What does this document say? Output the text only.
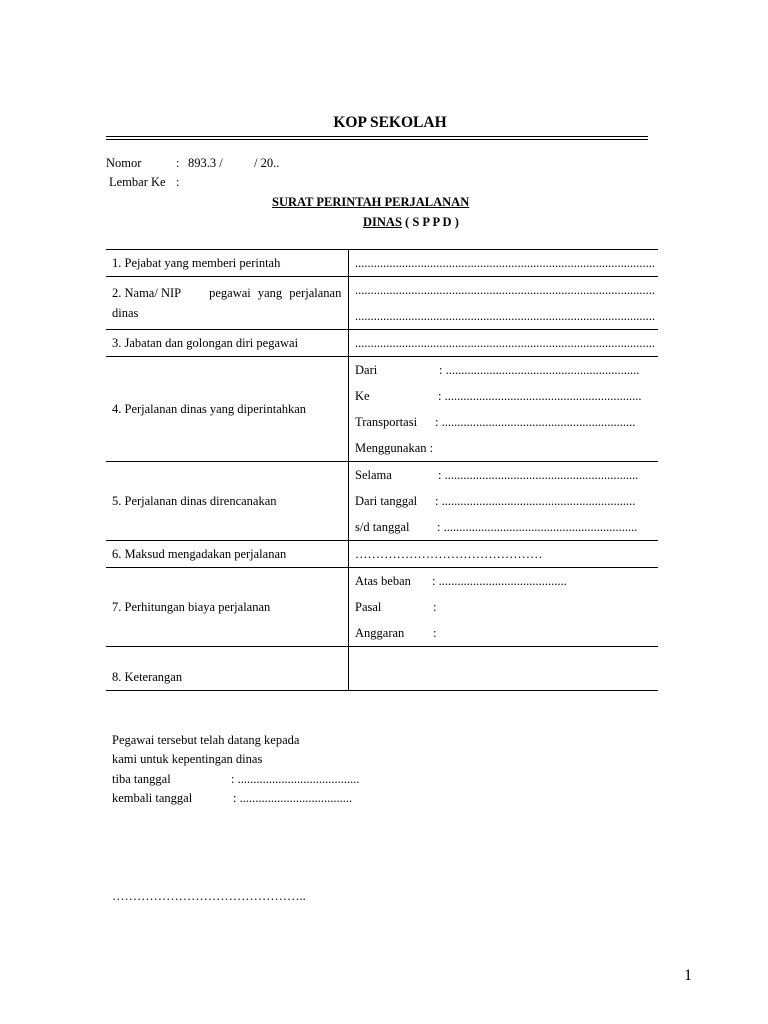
KOP SEKOLAH
Nomor	: 893.3 /          / 20..
Lembar Ke :
SURAT PERINTAH PERJALANAN
DINAS ( S P P D )
1. Pejabat yang memberi perintah	................................................................................................

2. Nama/ NIP pegawai yang perjalanan
dinas	................................................................................................
................................................................................................

3. Jabatan dan golongan diri pegawai	................................................................................................

4. Perjalanan dinas yang diperintahkan	Dari : ..............................................................
Ke : ...............................................................
Transportasi : ..............................................................
Menggunakan :

5. Perjalanan dinas direncanakan	Selama : ..............................................................
Dari tanggal : ..............................................................
s/d tanggal : ..............................................................

6. Maksud mengadakan perjalanan	………………………………………

7. Perhitungan biaya perjalanan	Atas beban : .........................................
Pasal :
Anggaran :

8. Keterangan	
Pegawai tersebut telah datang kepada
kami untuk kepentingan dinas
tiba tanggal	: .......................................
kembali tanggal	: ....................................
………………………………………..
1
